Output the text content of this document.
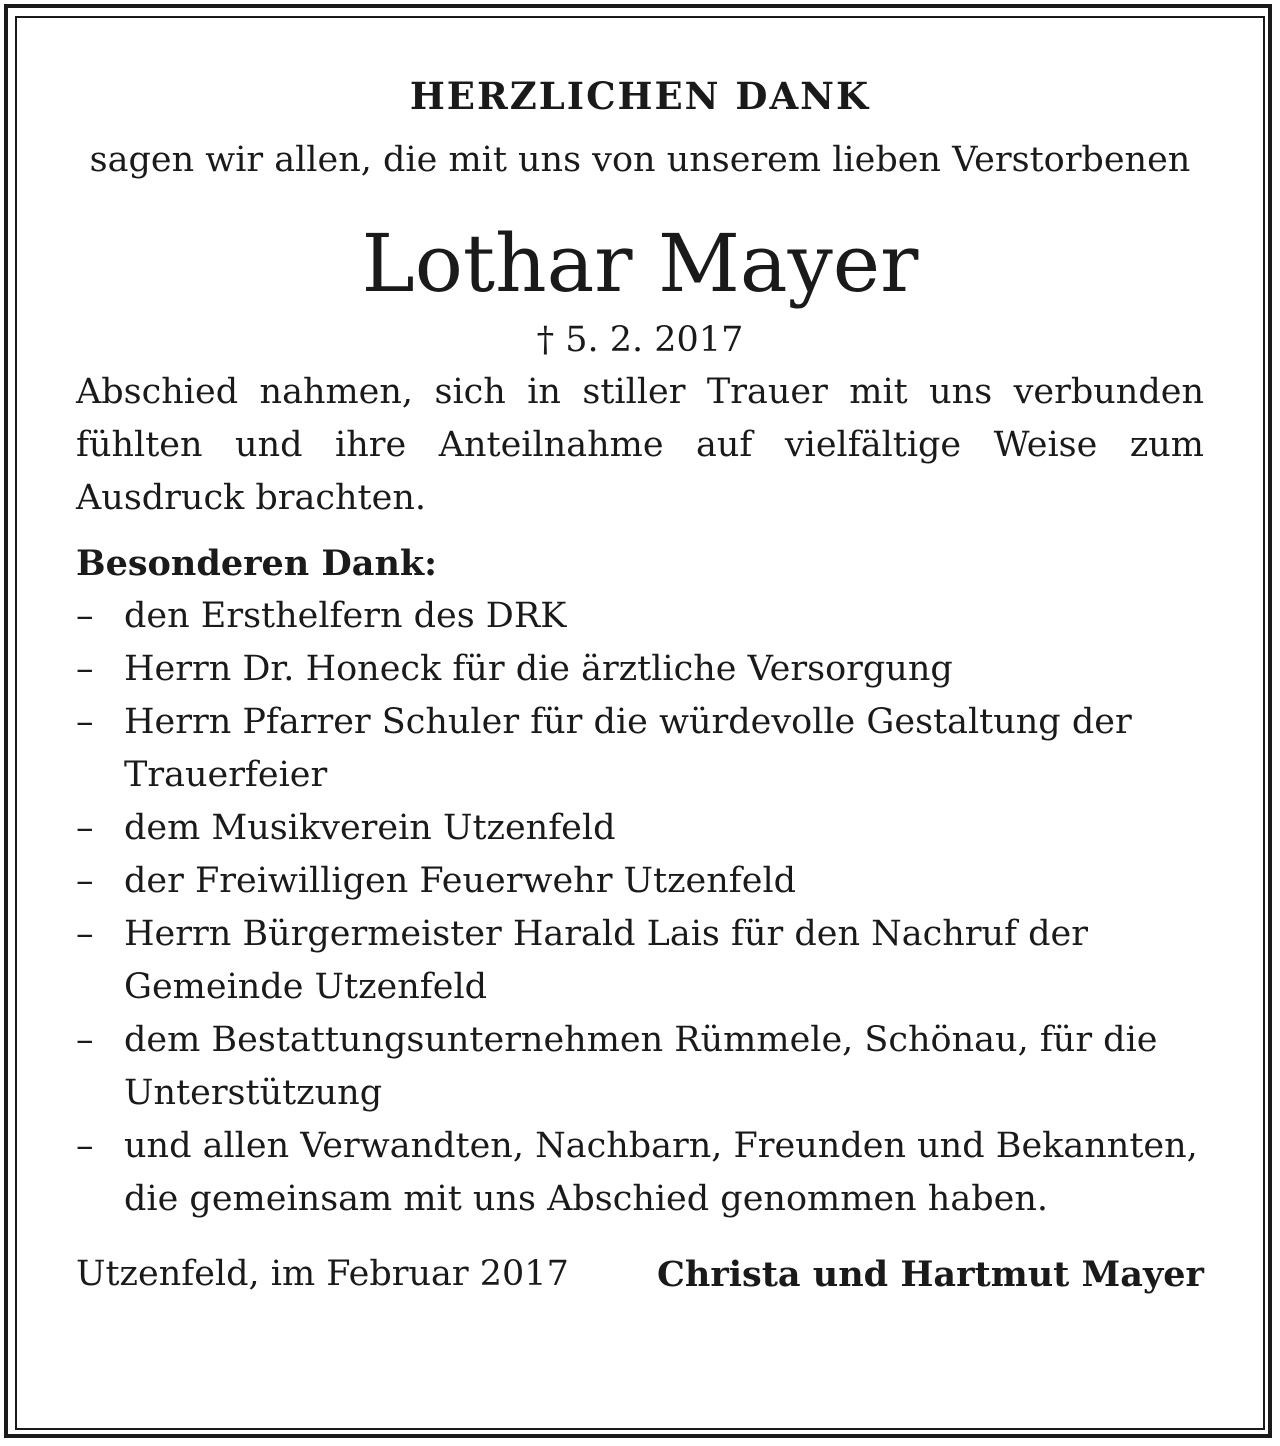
HERZLICHEN DANK
sagen wir allen, die mit uns von unserem lieben Verstorbenen
Lothar Mayer
† 5. 2. 2017
Abschied nahmen, sich in stiller Trauer mit uns verbunden fühlten und ihre Anteilnahme auf vielfältige Weise zum Ausdruck brachten.
Besonderen Dank:
– den Ersthelfern des DRK
– Herrn Dr. Honeck für die ärztliche Versorgung
– Herrn Pfarrer Schuler für die würdevolle Gestaltung der Trauerfeier
– dem Musikverein Utzenfeld
– der Freiwilligen Feuerwehr Utzenfeld
– Herrn Bürgermeister Harald Lais für den Nachruf der Gemeinde Utzenfeld
– dem Bestattungsunternehmen Rümmele, Schönau, für die Unterstützung
– und allen Verwandten, Nachbarn, Freunden und Bekannten, die gemeinsam mit uns Abschied genommen haben.
Utzenfeld, im Februar 2017	Christa und Hartmut Mayer
